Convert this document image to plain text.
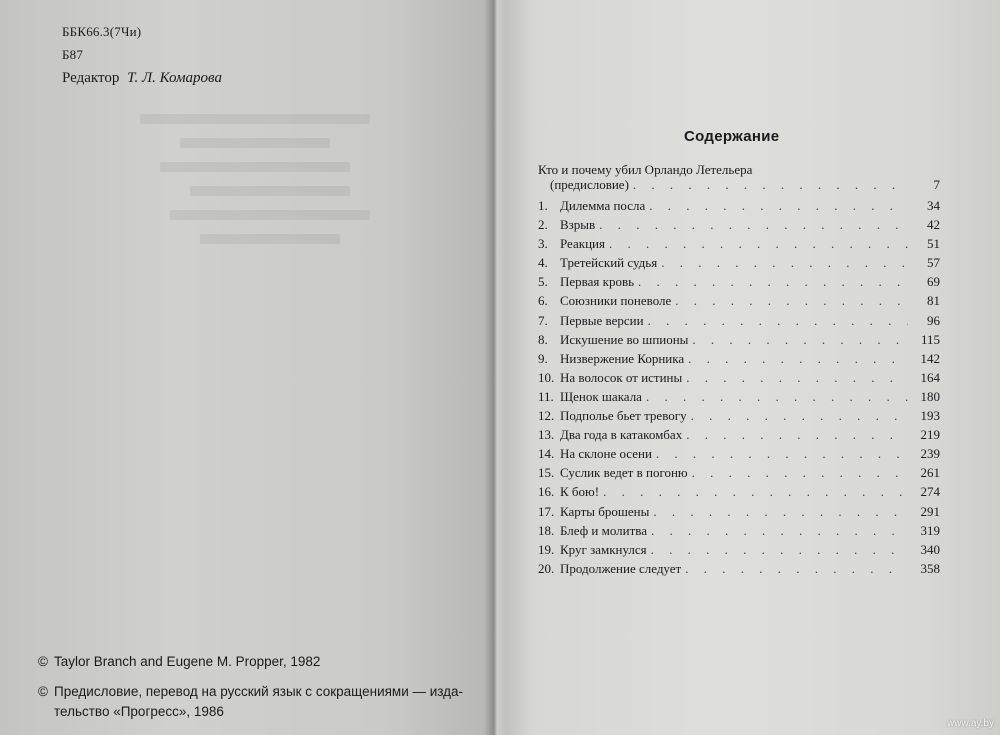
ББК66.3(7Чи)
Б87
Редактор Т. Л. Комарова
© Taylor Branch and Eugene M. Propper, 1982
© Предисловие, перевод на русский язык с сокращениями — изда-
тельство «Прогресс», 1986
Содержание
Кто и почему убил Орландо Летельера
(предисловие) . . .	7
1. Дилемма посла . . .	34
2. Взрыв . . .	42
3. Реакция . . .	51
4. Третейский судья . . .	57
5. Первая кровь . . .	69
6. Союзники поневоле . . .	81
7. Первые версии . . .	96
8. Искушение во шпионы . . .	115
9. Низвержение Корника . . .	142
10. На волосок от истины . . .	164
11. Щенок шакала . . .	180
12. Подполье бьет тревогу . . .	193
13. Два года в катакомбах . . .	219
14. На склоне осени . . .	239
15. Суслик ведет в погоню . . .	261
16. К бою! . . .	274
17. Карты брошены . . .	291
18. Блеф и молитва . . .	319
19. Круг замкнулся . . .	340
20. Продолжение следует . . .	358
www.ay.by
